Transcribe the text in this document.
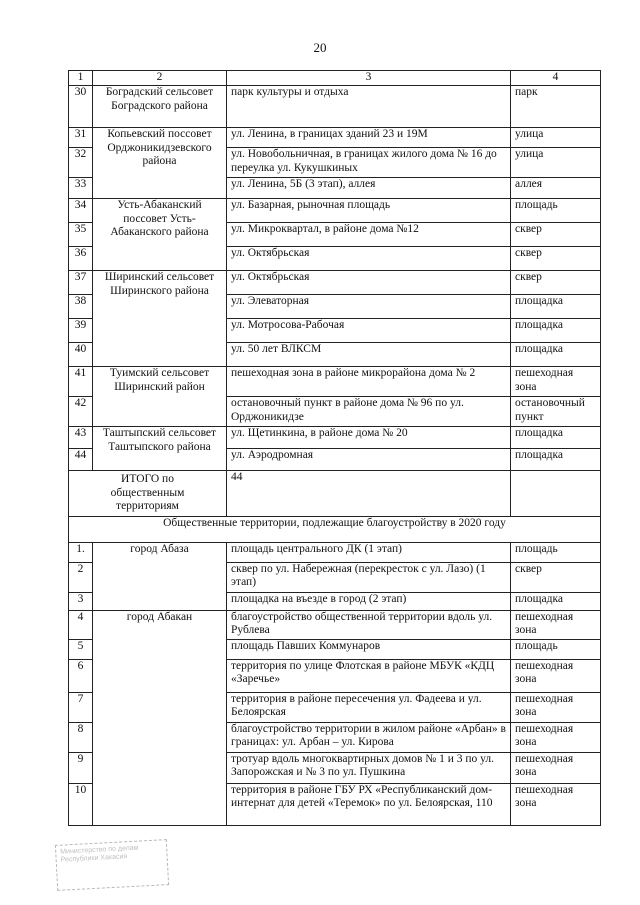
20
1	2	3	4
30	Боградский сельсовет Боградского района	парк культуры и отдыха	парк
31	Копьевский поссовет Орджоникидзевского района	ул. Ленина, в границах зданий 23 и 19М	улица
32		ул. Новобольничная, в границах жилого дома № 16 до переулка ул. Кукушкиных	улица
33		ул. Ленина, 5Б (3 этап), аллея	аллея
34	Усть-Абаканский поссовет Усть-Абаканского района	ул. Базарная, рыночная площадь	площадь
35		ул. Микроквартал, в районе дома №12	сквер
36		ул. Октябрьская	сквер
37	Ширинский сельсовет Ширинского района	ул. Октябрьская	сквер
38		ул. Элеваторная	площадка
39		ул. Мотросова-Рабочая	площадка
40		ул. 50 лет ВЛКСМ	площадка
41	Туимский сельсовет Ширинский район	пешеходная зона в районе микрорайона дома № 2	пешеходная зона
42		остановочный пункт в районе дома № 96 по ул. Орджоникидзе	остановочный пункт
43	Таштыпский сельсовет Таштыпского района	ул. Щетинкина, в районе дома № 20	площадка
44		ул. Аэродромная	площадка
ИТОГО по общественным территориям		44	
Общественные территории, подлежащие благоустройству в 2020 году			
1.	город Абаза	площадь центрального ДК (1 этап)	площадь
2		сквер по ул. Набережная (перекресток с ул. Лазо) (1 этап)	сквер
3		площадка на въезде в город (2 этап)	площадка
4	город Абакан	благоустройство общественной территории вдоль ул. Рублева	пешеходная зона
5		площадь Павших Коммунаров	площадь
6		территория по улице Флотская в районе МБУК «КДЦ «Заречье»	пешеходная зона
7		территория в районе пересечения ул. Фадеева и ул. Белоярская	пешеходная зона
8		благоустройство территории в жилом районе «Арбан» в границах: ул. Арбан – ул. Кирова	пешеходная зона
9		тротуар вдоль многоквартирных домов № 1 и 3 по ул. Запорожская и № 3 по ул. Пушкина	пешеходная зона
10		территория в районе ГБУ РХ «Республиканский дом-интернат для детей «Теремок» по ул. Белоярская, 110	пешеходная зона
Министерство по делам Республики Хакасия
